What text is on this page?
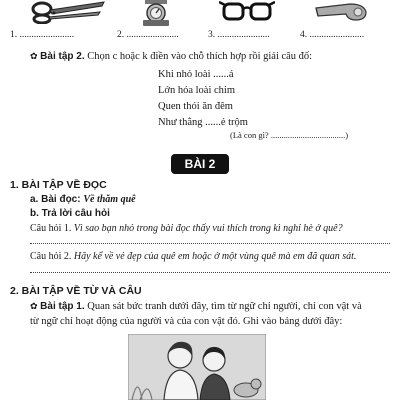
1. .......................	2. ......................	3. ......................	4. .......................
✿ Bài tập 2. Chọn c hoặc k điền vào chỗ thích hợp rồi giải câu đố:
Khi nhỏ loài ......á
Lớn hóa loài chim
Quen thói ăn đêm
Như thằng ......ẻ trộm
(Là con gì? ...................................)
BÀI 2
1. BÀI TẬP VỀ ĐỌC
a. Bài đọc: Về thăm quê
b. Trả lời câu hỏi
Câu hỏi 1. Vì sao bạn nhỏ trong bài đọc thấy vui thích trong kì nghỉ hè ở quê?
Câu hỏi 2. Hãy kể về vẻ đẹp của quê em hoặc ở một vùng quê mà em đã quan sát.
2. BÀI TẬP VỀ TỪ VÀ CÂU
✿ Bài tập 1. Quan sát bức tranh dưới đây, tìm từ ngữ chỉ người, chỉ con vật và
từ ngữ chỉ hoạt động của người và của con vật đó. Ghi vào bảng dưới đây:
